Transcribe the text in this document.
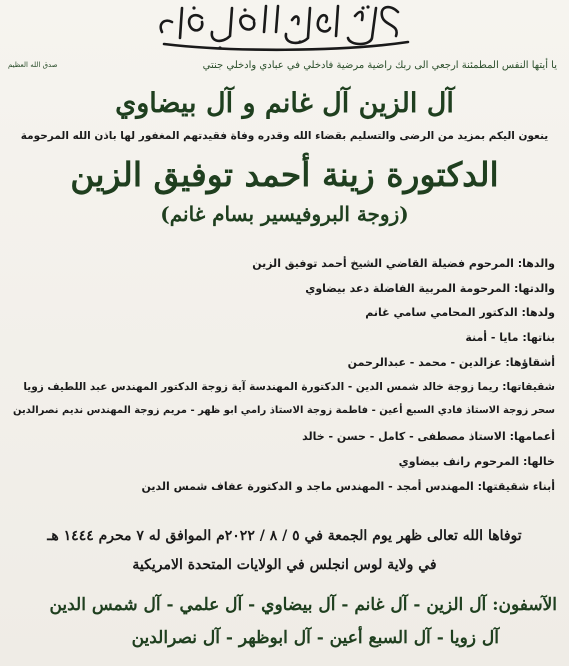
يا أيتها النفس المطمئنة ارجعي الى ربك راضية مرضية فادخلي في عبادي وادخلي جنتي
صدق الله العظيم
آل الزين آل غانم و آل بيضاوي
ينعون اليكم بمزيد من الرضى والتسليم بقضاء الله وقدره وفاة فقيدتهم المغفور لها باذن الله المرحومة
الدكتورة زينة أحمد توفيق الزين
(زوجة البروفيسير بسام غانم)
والدها: المرحوم فضيلة القاضي الشيخ أحمد توفيق الزين
والدتها: المرحومة المربية الفاضلة دعد بيضاوي
ولدها: الدكتور المحامي سامي غانم
بناتها: مايا - أمنة
أشقاؤها: عزالدين - محمد - عبدالرحمن
شقيقاتها: ريما زوجة خالد شمس الدين - الدكتورة المهندسة آية زوجة الدكتور المهندس عبد اللطيف زويا
سحر زوجة الاستاذ فادي السبع أعين - فاطمة زوجة الاستاذ رامي ابو ظهر - مريم زوجة المهندس نديم نصرالدين
أعمامها: الاستاذ مصطفى - كامل - حسن - خالد
خالها: المرحوم رانف بيضاوي
أبناء شقيقتها: المهندس أمجد - المهندس ماجد و الدكتورة عفاف شمس الدين
توفاها الله تعالى ظهر يوم الجمعة في ٥ / ٨ / ٢٠٢٢م الموافق له ٧ محرم ١٤٤٤ هـ
في ولاية لوس انجلس في الولايات المتحدة الامريكية
الآسفون: آل الزين - آل غانم - آل بيضاوي - آل علمي - آل شمس الدين
آل زويا - آل السبع أعين - آل ابوظهر - آل نصرالدين
